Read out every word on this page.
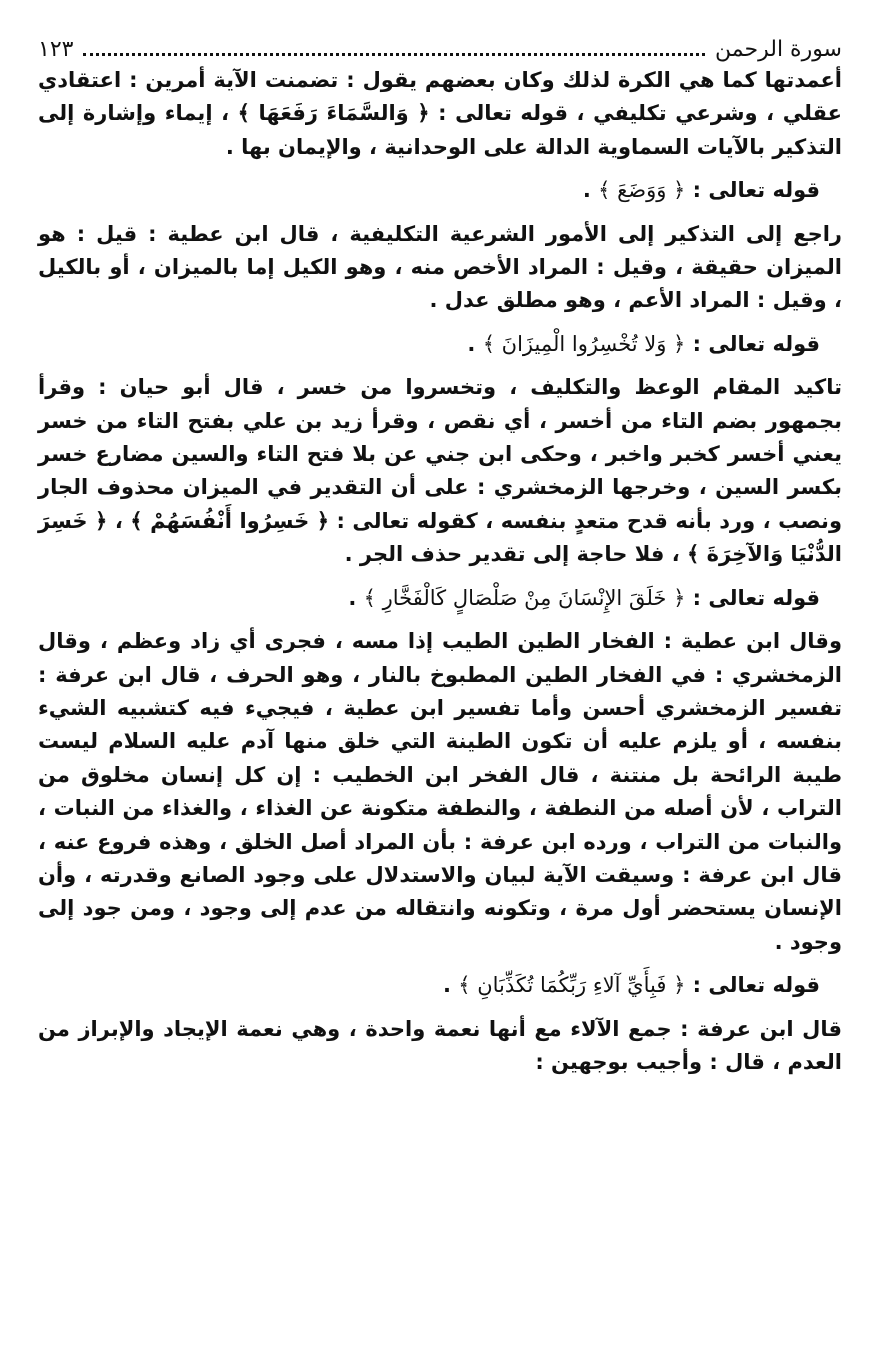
سورة الرحمن
١٢٣

أعمدتها كما هي الكرة لذلك وكان بعضهم يقول : تضمنت الآية أمرين : اعتقادي عقلي ، وشرعي تكليفي ، قوله تعالى : ﴿ وَالسَّمَاءَ رَفَعَهَا ﴾ ، إيماء وإشارة إلى التذكير بالآيات السماوية الدالة على الوحدانية ، والإيمان بها .

قوله تعالى : ﴿ وَوَضَعَ ﴾ .

راجع إلى التذكير إلى الأمور الشرعية التكليفية ، قال ابن عطية : قيل : هو الميزان حقيقة ، وقيل : المراد الأخص منه ، وهو الكيل إما بالميزان ، أو بالكيل ، وقيل : المراد الأعم ، وهو مطلق عدل .

قوله تعالى : ﴿ وَلا تُخْسِرُوا الْمِيزَانَ ﴾ .

تاكيد المقام الوعظ والتكليف ، وتخسروا من خسر ، قال أبو حيان : وقرأ بجمهور بضم التاء من أخسر ، أي نقص ، وقرأ زيد بن علي بفتح التاء من خسر يعني أخسر كخبر واخبر ، وحكى ابن جني عن بلا فتح التاء والسين مضارع خسر بكسر السين ، وخرجها الزمخشري : على أن التقدير في الميزان محذوف الجار ونصب ، ورد بأنه قدح متعدٍ بنفسه ، كقوله تعالى : ﴿ خَسِرُوا أَنْفُسَهُمْ ﴾ ، ﴿ خَسِرَ الدُّنْيَا وَالآخِرَةَ ﴾ ، فلا حاجة إلى تقدير حذف الجر .

قوله تعالى : ﴿ خَلَقَ الإِنْسَانَ مِنْ صَلْصَالٍ كَالْفَخَّارِ ﴾ .

وقال ابن عطية : الفخار الطين الطيب إذا مسه ، فجرى أي زاد وعظم ، وقال الزمخشري : في الفخار الطين المطبوخ بالنار ، وهو الحرف ، قال ابن عرفة : تفسير الزمخشري أحسن وأما تفسير ابن عطية ، فيجيء فيه كتشبيه الشيء بنفسه ، أو يلزم عليه أن تكون الطينة التي خلق منها آدم عليه السلام ليست طيبة الرائحة بل منتنة ، قال الفخر ابن الخطيب : إن كل إنسان مخلوق من التراب ، لأن أصله من النطفة ، والنطفة متكونة عن الغذاء ، والغذاء من النبات ، والنبات من التراب ، ورده ابن عرفة : بأن المراد أصل الخلق ، وهذه فروع عنه ، قال ابن عرفة : وسيقت الآية لبيان والاستدلال على وجود الصانع وقدرته ، وأن الإنسان يستحضر أول مرة ، وتكونه وانتقاله من عدم إلى وجود ، ومن جود إلى وجود .

قوله تعالى : ﴿ فَبِأَيِّ آلاءِ رَبِّكُمَا تُكَذِّبَانِ ﴾ .

قال ابن عرفة : جمع الآلاء مع أنها نعمة واحدة ، وهي نعمة الإيجاد والإبراز من العدم ، قال : وأجيب بوجهين :
